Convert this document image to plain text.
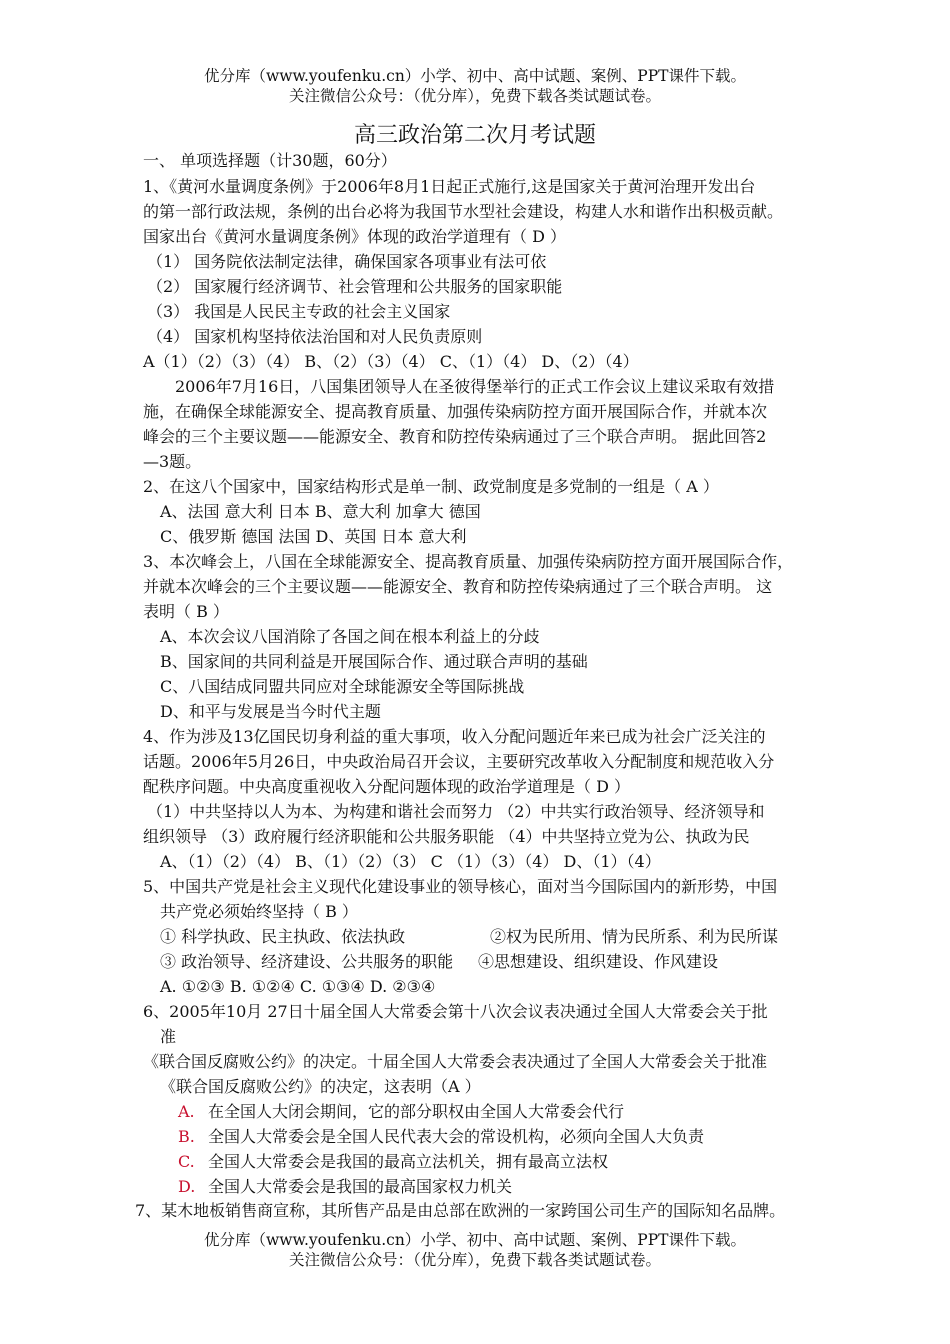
优分库（www.youfenku.cn）小学、初中、高中试题、案例、PPT课件下载。
关注微信公众号：（优分库），免费下载各类试题试卷。
高三政治第二次月考试题
一、 单项选择题（计30题，60分）
1、《黄河水量调度条例》于2006年8月1日起正式施行,这是国家关于黄河治理开发出台
的第一部行政法规，条例的出台必将为我国节水型社会建设，构建人水和谐作出积极贡献。
国家出台《黄河水量调度条例》体现的政治学道理有（ D ）
（1） 国务院依法制定法律，确保国家各项事业有法可依
（2） 国家履行经济调节、社会管理和公共服务的国家职能
（3） 我国是人民民主专政的社会主义国家
（4） 国家机构坚持依法治国和对人民负责原则
A（1）（2）（3）（4） B、（2）（3）（4） C、（1）（4） D、（2）（4）
2006年7月16日，八国集团领导人在圣彼得堡举行的正式工作会议上建议采取有效措
施，在确保全球能源安全、提高教育质量、加强传染病防控方面开展国际合作，并就本次
峰会的三个主要议题——能源安全、教育和防控传染病通过了三个联合声明。 据此回答2
—3题。
2、在这八个国家中，国家结构形式是单一制、政党制度是多党制的一组是（ A ）
A、法国 意大利 日本 B、意大利 加拿大 德国
C、俄罗斯 德国 法国 D、英国 日本 意大利
3、本次峰会上，八国在全球能源安全、提高教育质量、加强传染病防控方面开展国际合作，
并就本次峰会的三个主要议题——能源安全、教育和防控传染病通过了三个联合声明。 这
表明（ B ）
A、本次会议八国消除了各国之间在根本利益上的分歧
B、国家间的共同利益是开展国际合作、通过联合声明的基础
C、八国结成同盟共同应对全球能源安全等国际挑战
D、和平与发展是当今时代主题
4、作为涉及13亿国民切身利益的重大事项，收入分配问题近年来已成为社会广泛关注的
话题。2006年5月26日，中央政治局召开会议，主要研究改革收入分配制度和规范收入分
配秩序问题。中央高度重视收入分配问题体现的政治学道理是（ D ）
（1）中共坚持以人为本、为构建和谐社会而努力 （2）中共实行政治领导、经济领导和
组织领导 （3）政府履行经济职能和公共服务职能 （4）中共坚持立党为公、执政为民
A、（1）（2）（4） B、（1）（2）（3） C （1）（3）（4） D、（1）（4）
5、中国共产党是社会主义现代化建设事业的领导核心，面对当今国际国内的新形势，中国
共产党必须始终坚持（ B ）
① 科学执政、民主执政、依法执政	②权为民所用、情为民所系、利为民所谋
③ 政治领导、经济建设、公共服务的职能 ④思想建设、组织建设、作风建设
A. ①②③ B. ①②④ C. ①③④ D. ②③④
6、2005年10月 27日十届全国人大常委会第十八次会议表决通过全国人大常委会关于批
准
《联合国反腐败公约》的决定。十届全国人大常委会表决通过了全国人大常委会关于批准
《联合国反腐败公约》的决定，这表明（A ）
A. 在全国人大闭会期间，它的部分职权由全国人大常委会代行
B. 全国人大常委会是全国人民代表大会的常设机构，必须向全国人大负责
C. 全国人大常委会是我国的最高立法机关，拥有最高立法权
D. 全国人大常委会是我国的最高国家权力机关
7、某木地板销售商宣称，其所售产品是由总部在欧洲的一家跨国公司生产的国际知名品牌。
优分库（www.youfenku.cn）小学、初中、高中试题、案例、PPT课件下载。
关注微信公众号：（优分库），免费下载各类试题试卷。
